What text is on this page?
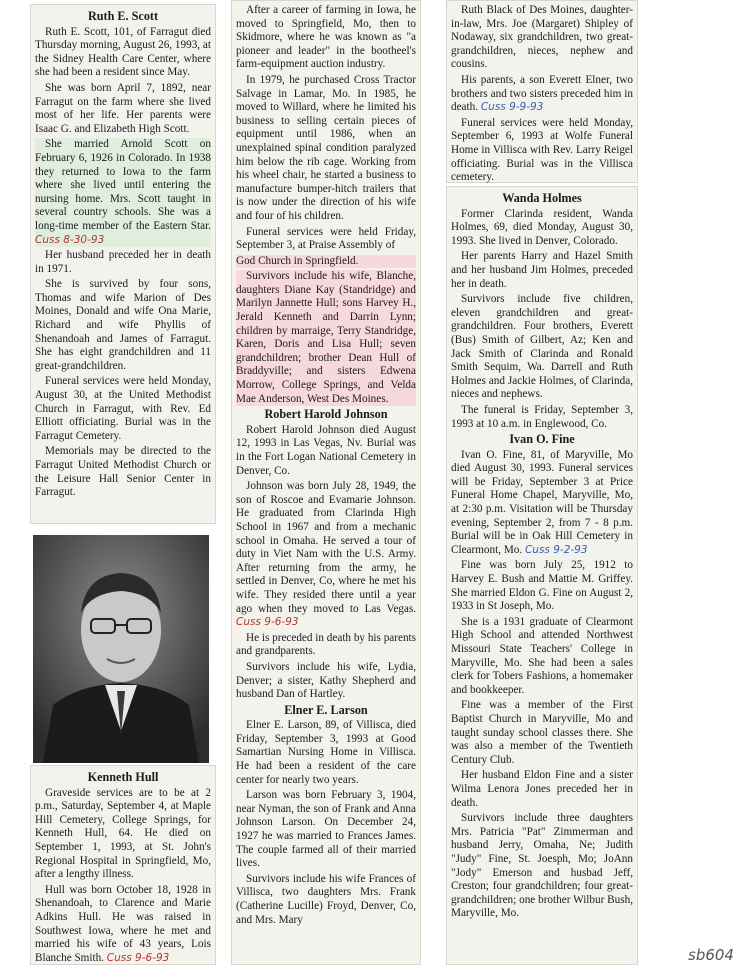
Ruth E. Scott

Ruth E. Scott, 101, of Farragut died Thursday morning, August 26, 1993, at the Sidney Health Care Center, where she had been a resident since May.

She was born April 7, 1892, near Farragut on the farm where she lived most of her life. Her parents were Isaac G. and Elizabeth High Scott.

She married Arnold Scott on February 6, 1926 in Colorado. In 1938 they returned to Iowa to the farm where she lived until entering the nursing home. Mrs. Scott taught in several country schools. She was a long-time member of the Eastern Star. Cuss 8-30-93

Her husband preceded her in death in 1971.

She is survived by four sons, Thomas and wife Marion of Des Moines, Donald and wife Ona Marie, Richard and wife Phyllis of Shenandoah and James of Farragut. She has eight grandchildren and 11 great-grandchildren.

Funeral services were held Monday, August 30, at the United Methodist Church in Farragut, with Rev. Ed Elliott officiating. Burial was in the Farragut Cemetery.

Memorials may be directed to the Farragut United Methodist Church or the Leisure Hall Senior Center in Farragut.

Kenneth Hull

Graveside services are to be at 2 p.m., Saturday, September 4, at Maple Hill Cemetery, College Springs, for Kenneth Hull, 64. He died on September 1, 1993, at St. John's Regional Hospital in Springfield, Mo, after a lengthy illness.

Hull was born October 18, 1928 in Shenandoah, to Clarence and Marie Adkins Hull. He was raised in Southwest Iowa, where he met and married his wife of 43 years, Lois Blanche Smith. Cuss 9-6-93

After a career of farming in Iowa, he moved to Springfield, Mo, then to Skidmore, where he was known as "a pioneer and leader" in the bootheel's farm-equipment auction industry.

In 1979, he purchased Cross Tractor Salvage in Lamar, Mo. In 1985, he moved to Willard, where he limited his business to selling certain pieces of equipment until 1986, when an unexplained spinal condition paralyzed him below the rib cage. Working from his wheel chair, he started a business to manufacture bumper-hitch trailers that is now under the direction of his wife and four of his children.

Funeral services were held Friday, September 3, at Praise Assembly of

God Church in Springfield.

Survivors include his wife, Blanche, daughters Diane Kay (Standridge) and Marilyn Jannette Hull; sons Harvey H., Jerald Kenneth and Darrin Lynn; children by marraige, Terry Standridge, Karen, Doris and Lisa Hull; seven grandchildren; brother Dean Hull of Braddyville; and sisters Edwena Morrow, College Springs, and Velda Mae Anderson, West Des Moines.

Robert Harold Johnson

Robert Harold Johnson died August 12, 1993 in Las Vegas, Nv. Burial was in the Fort Logan National Cemetery in Denver, Co.

Johnson was born July 28, 1949, the son of Roscoe and Evamarie Johnson. He graduated from Clarinda High School in 1967 and from a mechanic school in Omaha. He served a tour of duty in Viet Nam with the U.S. Army. After returning from the army, he settled in Denver, Co, where he met his wife. They resided there until a year ago when they moved to Las Vegas. Cuss 9-6-93

He is preceded in death by his parents and grandparents.

Survivors include his wife, Lydia, Denver; a sister, Kathy Shepherd and husband Dan of Hartley.

Elner E. Larson

Elner E. Larson, 89, of Villisca, died Friday, September 3, 1993 at Good Samartian Nursing Home in Villisca. He had been a resident of the care center for nearly two years.

Larson was born February 3, 1904, near Nyman, the son of Frank and Anna Johnson Larson. On December 24, 1927 he was married to Frances James. The couple farmed all of their married lives.

Survivors include his wife Frances of Villisca, two daughters Mrs. Frank (Catherine Lucille) Froyd, Denver, Co, and Mrs. Mary

Ruth Black of Des Moines, daughter-in-law, Mrs. Joe (Margaret) Shipley of Nodaway, six grandchildren, two great-grandchildren, nieces, nephew and cousins.

His parents, a son Everett Elner, two brothers and two sisters preceded him in death. Cuss 9-9-93

Funeral services were held Monday, September 6, 1993 at Wolfe Funeral Home in Villisca with Rev. Larry Reigel officiating. Burial was in the Villisca cemetery.

Wanda Holmes

Former Clarinda resident, Wanda Holmes, 69, died Monday, August 30, 1993. She lived in Denver, Colorado.

Her parents Harry and Hazel Smith and her husband Jim Holmes, preceded her in death.

Survivors include five children, eleven grandchildren and great-grandchildren. Four brothers, Everett (Bus) Smith of Gilbert, Az; Ken and Jack Smith of Clarinda and Ronald Smith Sequim, Wa. Darrell and Ruth Holmes and Jackie Holmes, of Clarinda, nieces and nephews.

The funeral is Friday, September 3, 1993 at 10 a.m. in Englewood, Co.

Ivan O. Fine

Ivan O. Fine, 81, of Maryville, Mo died August 30, 1993. Funeral services will be Friday, September 3 at Price Funeral Home Chapel, Maryville, Mo, at 2:30 p.m. Visitation will be Thursday evening, September 2, from 7 - 8 p.m. Burial will be in Oak Hill Cemetery in Clearmont, Mo. Cuss 9-2-93

Fine was born July 25, 1912 to Harvey E. Bush and Mattie M. Griffey. She married Eldon G. Fine on August 2, 1933 in St Joseph, Mo.

She is a 1931 graduate of Clearmont High School and attended Northwest Missouri State Teachers' College in Maryville, Mo. She had been a sales clerk for Tobers Fashions, a homemaker and bookkeeper.

Fine was a member of the First Baptist Church in Maryville, Mo and taught sunday school classes there. She was also a member of the Twentieth Century Club.

Her husband Eldon Fine and a sister Wilma Lenora Jones preceded her in death.

Survivors include three daughters Mrs. Patricia "Pat" Zimmerman and husband Jerry, Omaha, Ne; Judith "Judy" Fine, St. Joesph, Mo; JoAnn "Jody" Emerson and husbad Jeff, Creston; four grandchildren; four great-grandchildren; one brother Wilbur Bush, Maryville, Mo.

sb604
